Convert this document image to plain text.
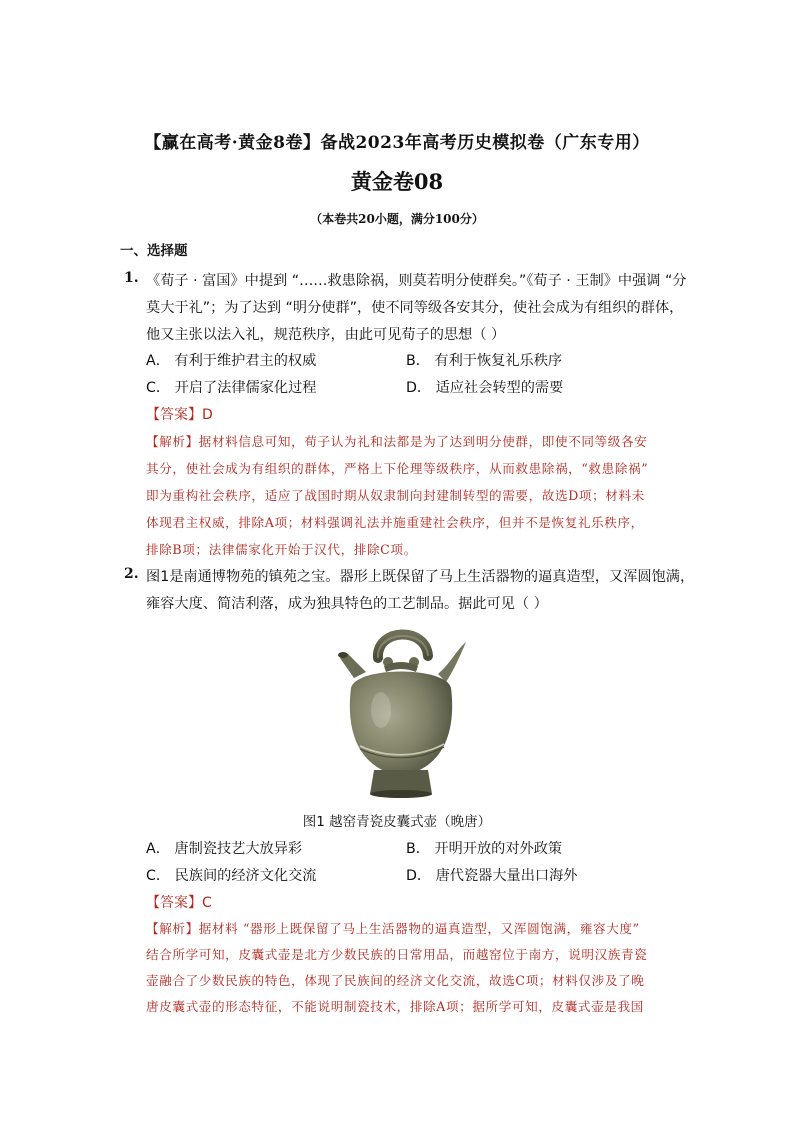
【赢在高考·黄金8卷】备战2023年高考历史模拟卷（广东专用）
黄金卷08
（本卷共20小题，满分100分）
一、选择题
1. 《荀子 · 富国》中提到 “……救患除祸，则莫若明分使群矣。”《荀子 · 王制》中强调 “分
莫大于礼”；为了达到 “明分使群”，使不同等级各安其分，使社会成为有组织的群体，
他又主张以法入礼，规范秩序，由此可见荀子的思想（ ）
A． 有利于维护君主的权威	B． 有利于恢复礼乐秩序
C． 开启了法律儒家化过程	D． 适应社会转型的需要
【答案】D
【解析】据材料信息可知，荀子认为礼和法都是为了达到明分使群，即使不同等级各安
其分，使社会成为有组织的群体，严格上下伦理等级秩序，从而救患除祸，“救患除祸”
即为重构社会秩序，适应了战国时期从奴隶制向封建制转型的需要，故选D项；材料未
体现君主权威，排除A项；材料强调礼法并施重建社会秩序，但并不是恢复礼乐秩序，
排除B项；法律儒家化开始于汉代，排除C项。
2. 图1是南通博物苑的镇苑之宝。器形上既保留了马上生活器物的逼真造型，又浑圆饱满，
雍容大度、简洁利落，成为独具特色的工艺制品。据此可见（ ）
图1 越窑青瓷皮囊式壶（晚唐）
A． 唐制瓷技艺大放异彩	B． 开明开放的对外政策
C． 民族间的经济文化交流	D． 唐代瓷器大量出口海外
【答案】C
【解析】据材料 “器形上既保留了马上生活器物的逼真造型，又浑圆饱满，雍容大度”
结合所学可知，皮囊式壶是北方少数民族的日常用品，而越窑位于南方，说明汉族青瓷
壶融合了少数民族的特色，体现了民族间的经济文化交流，故选C项；材料仅涉及了晚
唐皮囊式壶的形态特征，不能说明制瓷技术，排除A项；据所学可知，皮囊式壶是我国
